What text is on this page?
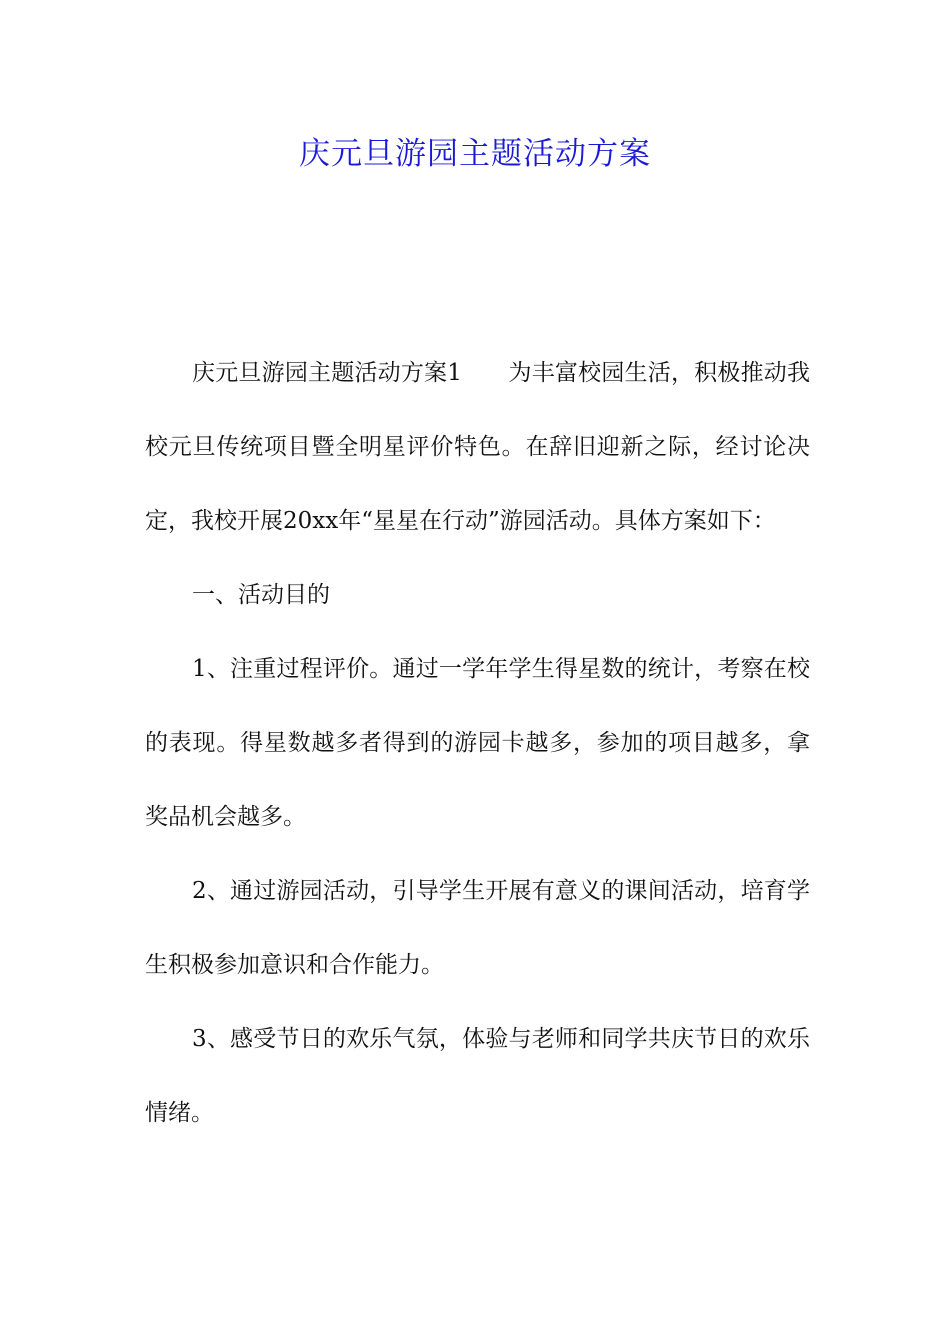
庆元旦游园主题活动方案

庆元旦游园主题活动方案1　　为丰富校园生活，积极推动我校元旦传统项目暨全明星评价特色。在辞旧迎新之际，经讨论决定，我校开展20xx年“星星在行动”游园活动。具体方案如下：

一、活动目的

1、注重过程评价。通过一学年学生得星数的统计，考察在校的表现。得星数越多者得到的游园卡越多，参加的项目越多，拿奖品机会越多。

2、通过游园活动，引导学生开展有意义的课间活动，培育学生积极参加意识和合作能力。

3、感受节日的欢乐气氛，体验与老师和同学共庆节日的欢乐情绪。
